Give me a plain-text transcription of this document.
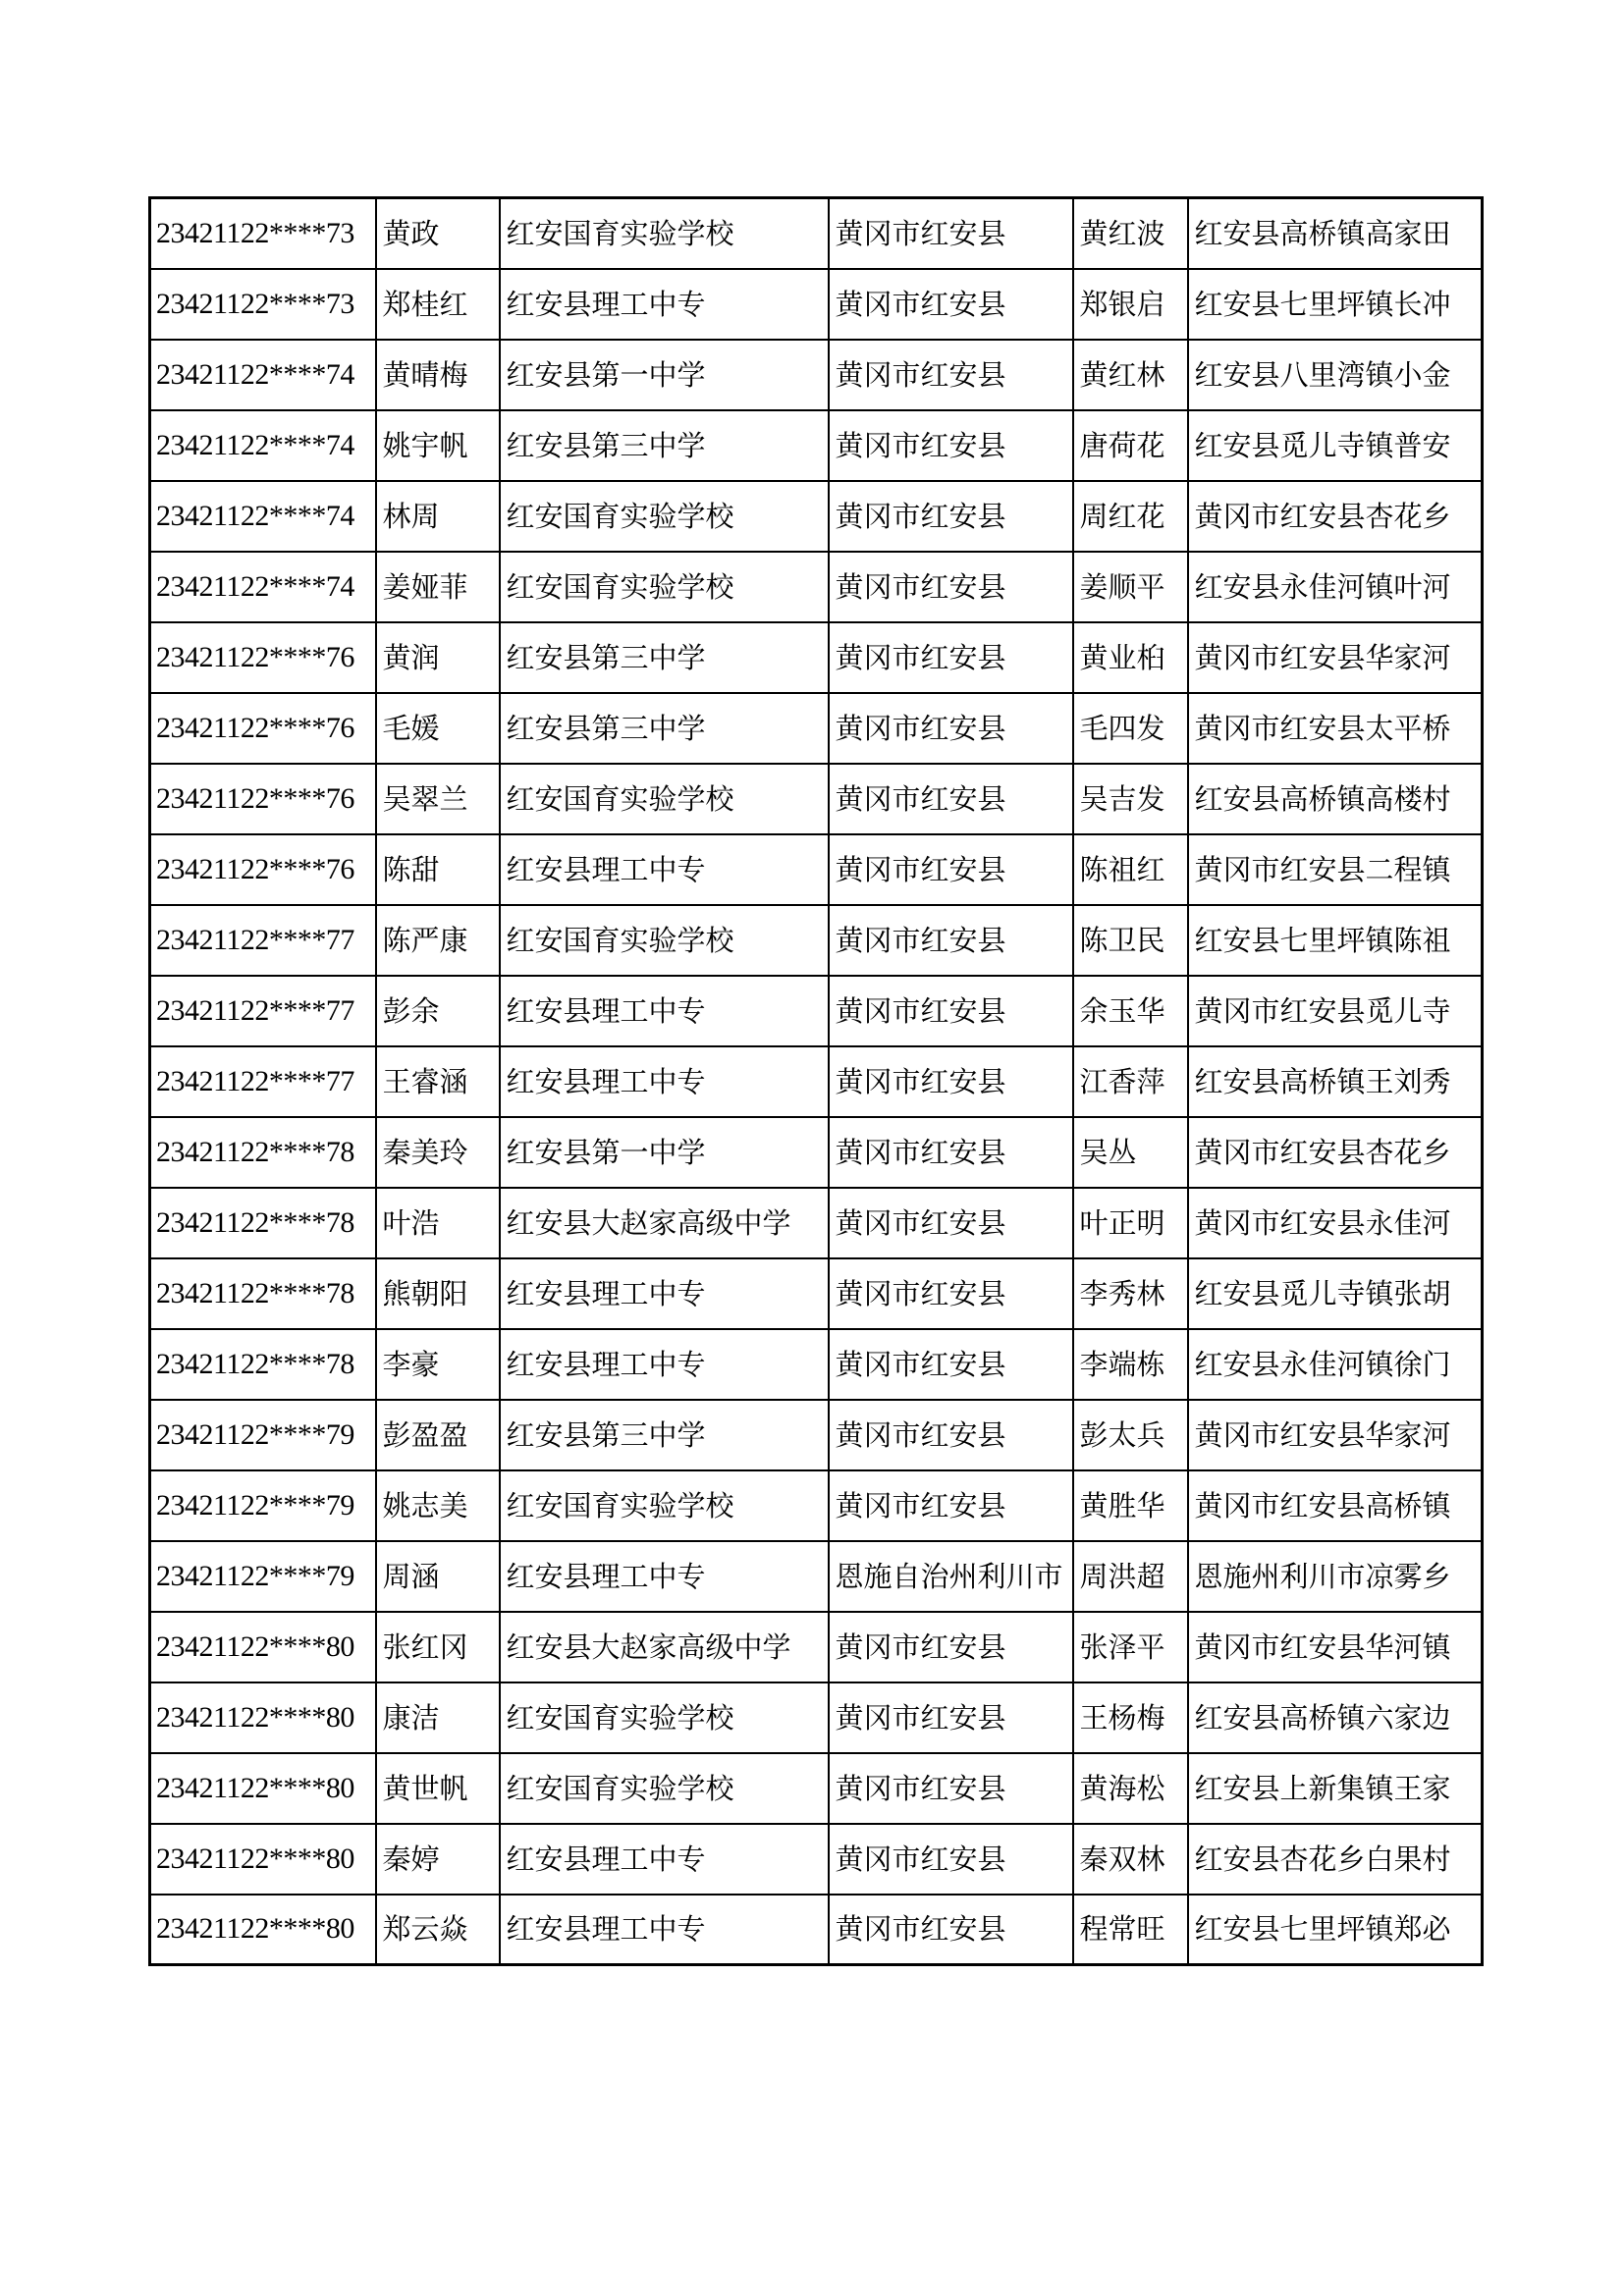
23421122****73	黄政	红安国育实验学校	黄冈市红安县	黄红波	红安县高桥镇高家田
23421122****73	郑桂红	红安县理工中专	黄冈市红安县	郑银启	红安县七里坪镇长冲
23421122****74	黄晴梅	红安县第一中学	黄冈市红安县	黄红林	红安县八里湾镇小金
23421122****74	姚宇帆	红安县第三中学	黄冈市红安县	唐荷花	红安县觅儿寺镇普安
23421122****74	林周	红安国育实验学校	黄冈市红安县	周红花	黄冈市红安县杏花乡
23421122****74	姜娅菲	红安国育实验学校	黄冈市红安县	姜顺平	红安县永佳河镇叶河
23421122****76	黄润	红安县第三中学	黄冈市红安县	黄业桕	黄冈市红安县华家河
23421122****76	毛媛	红安县第三中学	黄冈市红安县	毛四发	黄冈市红安县太平桥
23421122****76	吴翠兰	红安国育实验学校	黄冈市红安县	吴吉发	红安县高桥镇高楼村
23421122****76	陈甜	红安县理工中专	黄冈市红安县	陈祖红	黄冈市红安县二程镇
23421122****77	陈严康	红安国育实验学校	黄冈市红安县	陈卫民	红安县七里坪镇陈祖
23421122****77	彭余	红安县理工中专	黄冈市红安县	余玉华	黄冈市红安县觅儿寺
23421122****77	王睿涵	红安县理工中专	黄冈市红安县	江香萍	红安县高桥镇王刘秀
23421122****78	秦美玲	红安县第一中学	黄冈市红安县	吴丛	黄冈市红安县杏花乡
23421122****78	叶浩	红安县大赵家高级中学	黄冈市红安县	叶正明	黄冈市红安县永佳河
23421122****78	熊朝阳	红安县理工中专	黄冈市红安县	李秀林	红安县觅儿寺镇张胡
23421122****78	李豪	红安县理工中专	黄冈市红安县	李端栋	红安县永佳河镇徐门
23421122****79	彭盈盈	红安县第三中学	黄冈市红安县	彭太兵	黄冈市红安县华家河
23421122****79	姚志美	红安国育实验学校	黄冈市红安县	黄胜华	黄冈市红安县高桥镇
23421122****79	周涵	红安县理工中专	恩施自治州利川市	周洪超	恩施州利川市凉雾乡
23421122****80	张红冈	红安县大赵家高级中学	黄冈市红安县	张泽平	黄冈市红安县华河镇
23421122****80	康洁	红安国育实验学校	黄冈市红安县	王杨梅	红安县高桥镇六家边
23421122****80	黄世帆	红安国育实验学校	黄冈市红安县	黄海松	红安县上新集镇王家
23421122****80	秦婷	红安县理工中专	黄冈市红安县	秦双林	红安县杏花乡白果村
23421122****80	郑云焱	红安县理工中专	黄冈市红安县	程常旺	红安县七里坪镇郑必
